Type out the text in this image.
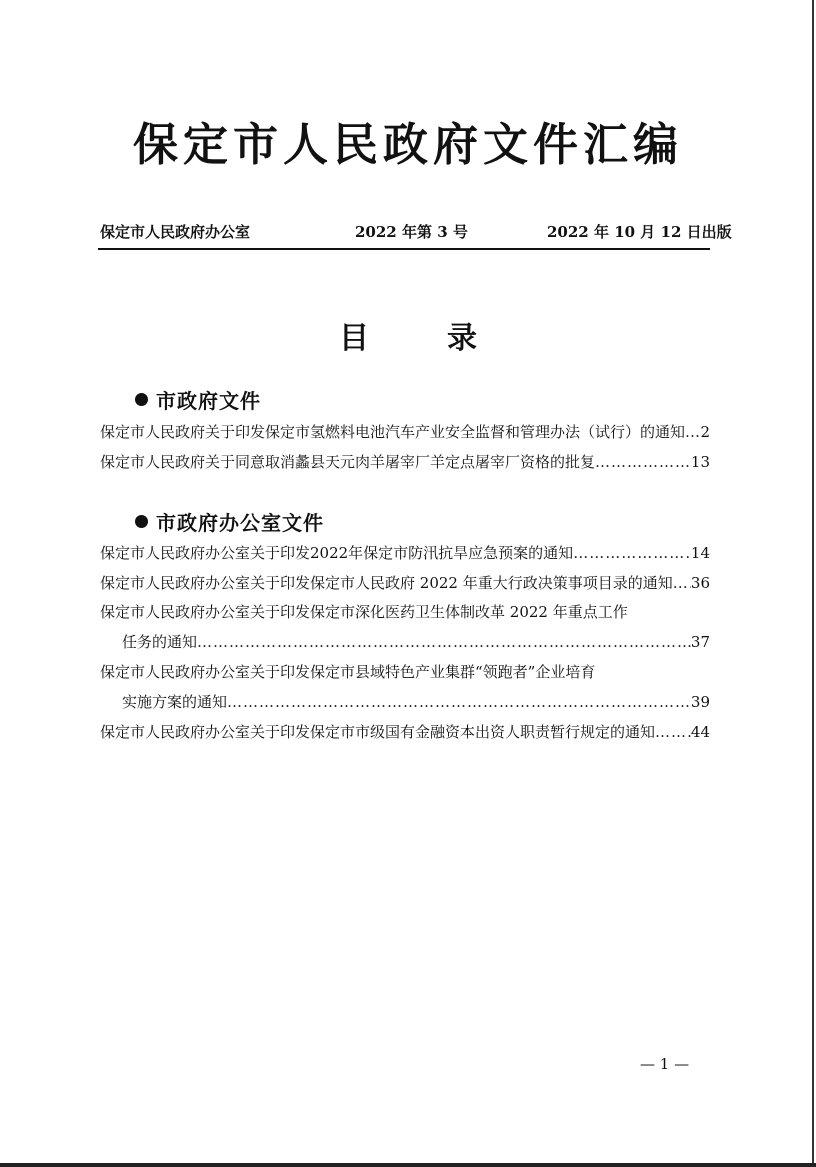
保定市人民政府文件汇编
保定市人民政府办公室	2022 年第 3 号	2022 年 10 月 12 日出版
目	录
市政府文件
保定市人民政府关于印发保定市氢燃料电池汽车产业安全监督和管理办法（试行）的通知 …………………………………………………………………………………………………………………………………………… 2
保定市人民政府关于同意取消蠡县天元肉羊屠宰厂羊定点屠宰厂资格的批复 ……………………………………………………………………………………………………………………………………………	13
市政府办公室文件
保定市人民政府办公室关于印发2022年保定市防汛抗旱应急预案的通知 ……………………………………………………………………………………………………………………………………………	14
保定市人民政府办公室关于印发保定市人民政府 2022 年重大行政决策事项目录的通知 …………………………………………………………………………………………………………………………………………… 36
保定市人民政府办公室关于印发保定市深化医药卫生体制改革 2022 年重点工作
任务的通知 ……………………………………………………………………………………………………………………………………………	37
保定市人民政府办公室关于印发保定市县域特色产业集群“领跑者”企业培育
实施方案的通知 ……………………………………………………………………………………………………………………………………………	39
保定市人民政府办公室关于印发保定市市级国有金融资本出资人职责暂行规定的通知 …………………………………………………………………………………………………………………………………………… 44
— 1 —
